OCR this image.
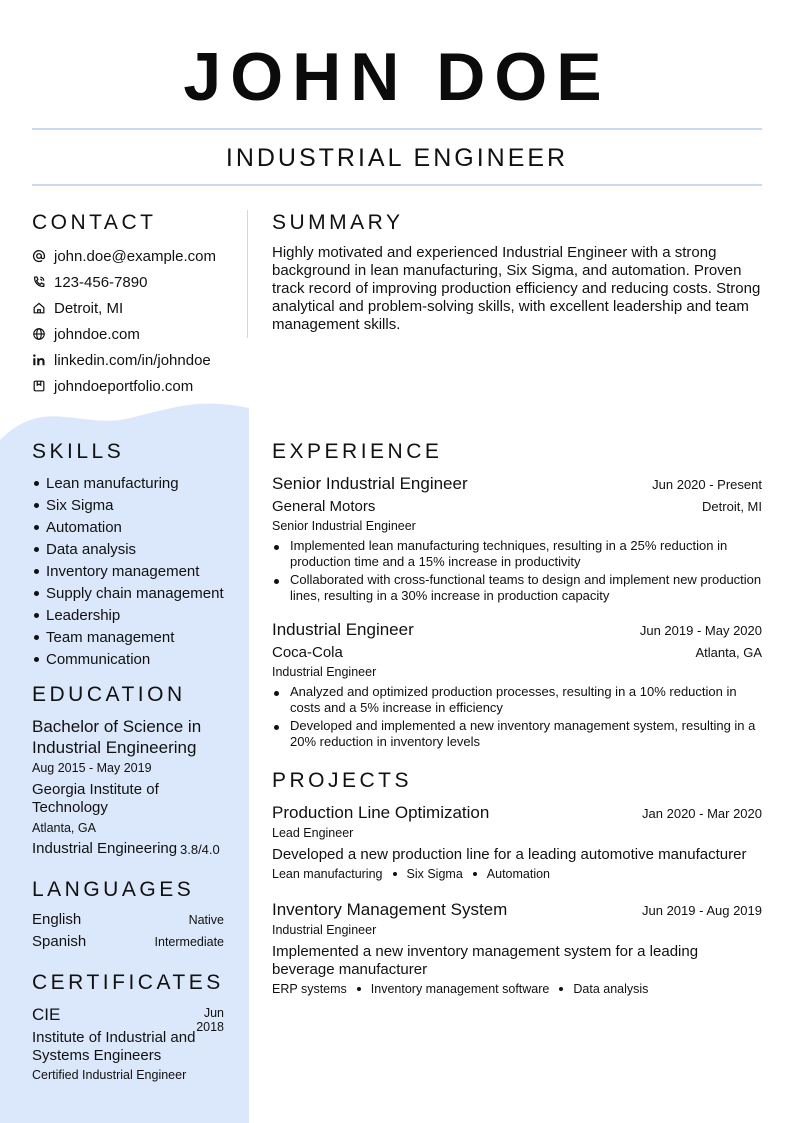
JOHN DOE
INDUSTRIAL ENGINEER
CONTACT
john.doe@example.com
123-456-7890
Detroit, MI
johndoe.com
linkedin.com/in/johndoe
johndoeportfolio.com
SKILLS
Lean manufacturing
Six Sigma
Automation
Data analysis
Inventory management
Supply chain management
Leadership
Team management
Communication
EDUCATION
Bachelor of Science in Industrial Engineering
Aug 2015 - May 2019
Georgia Institute of Technology
Atlanta, GA
Industrial Engineering 3.8/4.0
LANGUAGES
English	Native
Spanish	Intermediate
CERTIFICATES
CIE	Jun 2018
Institute of Industrial and Systems Engineers
Certified Industrial Engineer
SUMMARY
Highly motivated and experienced Industrial Engineer with a strong background in lean manufacturing, Six Sigma, and automation. Proven track record of improving production efficiency and reducing costs. Strong analytical and problem-solving skills, with excellent leadership and team management skills.
EXPERIENCE
Senior Industrial Engineer	Jun 2020 - Present
General Motors	Detroit, MI
Senior Industrial Engineer
Implemented lean manufacturing techniques, resulting in a 25% reduction in production time and a 15% increase in productivity
Collaborated with cross-functional teams to design and implement new production lines, resulting in a 30% increase in production capacity
Industrial Engineer	Jun 2019 - May 2020
Coca-Cola	Atlanta, GA
Industrial Engineer
Analyzed and optimized production processes, resulting in a 10% reduction in costs and a 5% increase in efficiency
Developed and implemented a new inventory management system, resulting in a 20% reduction in inventory levels
PROJECTS
Production Line Optimization	Jan 2020 - Mar 2020
Lead Engineer
Developed a new production line for a leading automotive manufacturer
Lean manufacturing Six Sigma Automation
Inventory Management System	Jun 2019 - Aug 2019
Industrial Engineer
Implemented a new inventory management system for a leading beverage manufacturer
ERP systems Inventory management software Data analysis
